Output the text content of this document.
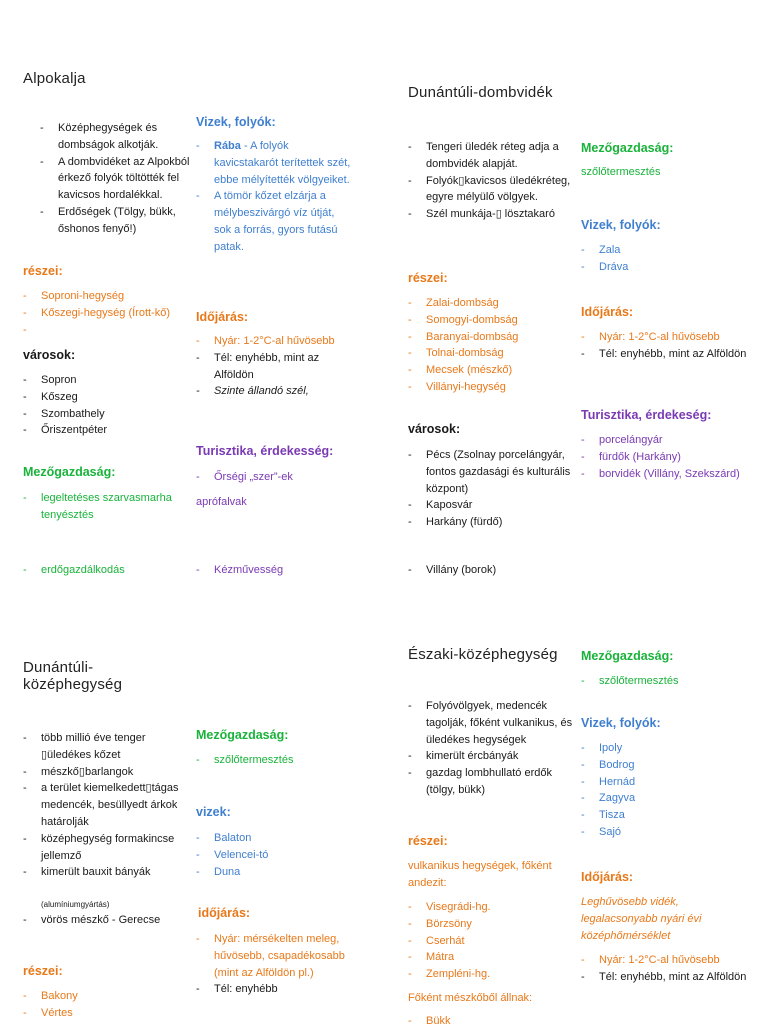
Alpokalja
- Középhegységek és dombságok alkotják.
- A dombvidéket az Alpokból érkező folyók töltötték fel kavicsos hordalékkal.
- Erdőségek (Tölgy, bükk, őshonos fenyő!)
részei:
- Soproni-hegység
- Kőszegi-hegység (Írott-kő)
városok:
- Sopron
- Kőszeg
- Szombathely
- Őriszentpéter
Mezőgazdaság:
- legeltetéses szarvasmarha tenyésztés
- erdőgazdálkodás
Vizek, folyók:
- Rába - A folyók kavicstakarót terítettek szét, ebbe mélyítették völgyeiket.
- A tömör kőzet elzárja a mélybeszivárgó víz útját, sok a forrás, gyors futású patak.
Időjárás:
- Nyár: 1-2°C-al hűvösebb
- Tél: enyhébb, mint az Alföldön
- Szinte állandó szél,
Turisztika, érdekesség:
- Őrségi „szer”-ek
aprófalvak
- Kézművesség
Dunántúli-dombvidék
- Tengeri üledék réteg adja a dombvidék alapját.
- Folyók▯kavicsos üledékréteg, egyre mélyülő völgyek.
- Szél munkája-▯ lösztakaró
részei:
- Zalai-dombság
- Somogyi-dombság
- Baranyai-dombság
- Tolnai-dombság
- Mecsek (mészkő)
- Villányi-hegység
városok:
- Pécs (Zsolnay porcelángyár, fontos gazdasági és kulturális központ)
- Kaposvár
- Harkány (fürdő)
- Villány (borok)
Mezőgazdaság:
szőlőtermesztés
Vizek, folyók:
- Zala
- Dráva
Időjárás:
- Nyár: 1-2°C-al hűvösebb
- Tél: enyhébb, mint az Alföldön
Turisztika, érdekeség:
- porcelángyár
- fürdők (Harkány)
- borvidék (Villány, Szekszárd)
Dunántúli-
középhegység
- több millió éve tenger ▯üledékes kőzet
- mészkő▯barlangok
- a terület kiemelkedett▯tágas medencék, besüllyedt árkok határolják
- középhegység formakincse jellemző
- kimerült bauxit bányák
(alumíniumgyártás)
- vörös mészkő - Gerecse
részei:
- Bakony
- Vértes
Mezőgazdaság:
- szőlőtermesztés
vizek:
- Balaton
- Velencei-tó
- Duna
időjárás:
- Nyár: mérsékelten meleg, hűvösebb, csapadékosabb (mint az Alföldön pl.)
- Tél: enyhébb
Északi-középhegység
- Folyóvölgyek, medencék tagolják, főként vulkanikus, és üledékes hegységek
- kimerült ércbányák
- gazdag lombhullató erdők (tölgy, bükk)
részei:
vulkanikus hegységek, főként andezit:
- Visegrádi-hg.
- Börzsöny
- Cserhát
- Mátra
- Zempléni-hg.
Főként mészkőből állnak:
- Bükk
Mezőgazdaság:
- szőlőtermesztés
Vizek, folyók:
- Ipoly
- Bodrog
- Hernád
- Zagyva
- Tisza
- Sajó
Időjárás:
Leghűvösebb vidék, legalacsonyabb nyári évi középhőmérséklet
- Nyár: 1-2°C-al hűvösebb
- Tél: enyhébb, mint az Alföldön
